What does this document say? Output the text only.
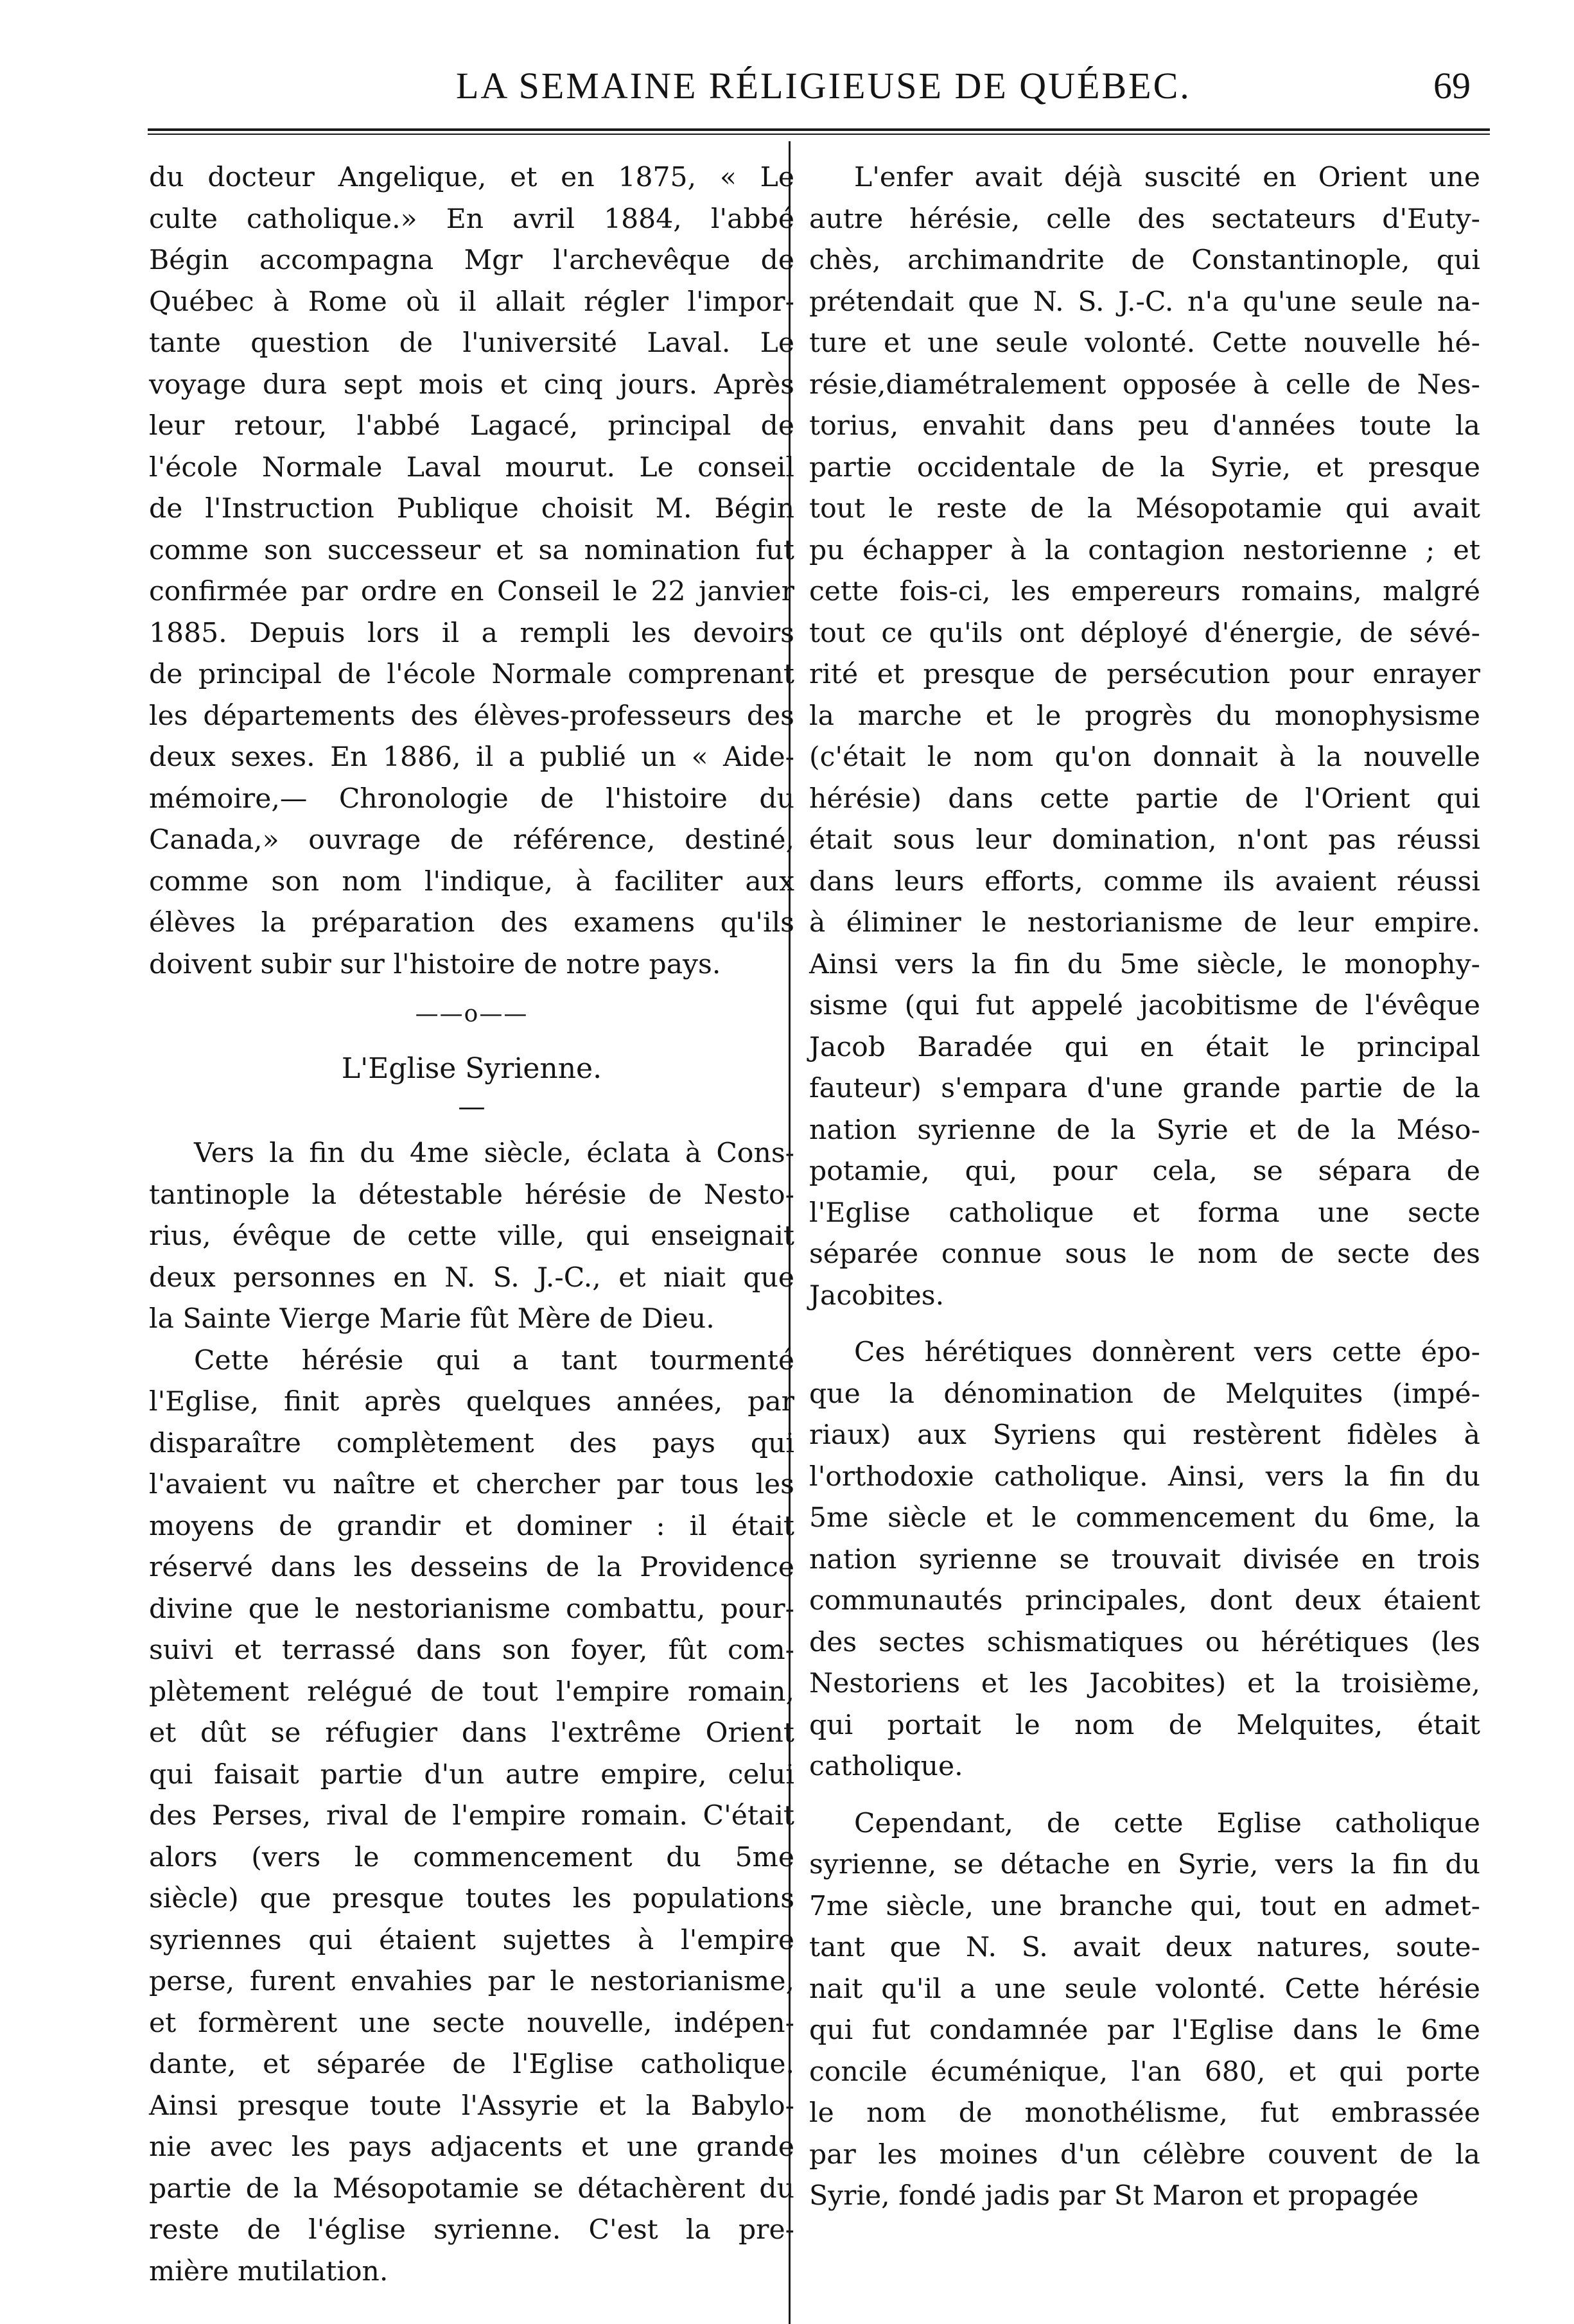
LA SEMAINE RÉLIGIEUSE DE QUÉBEC.	69
du docteur Angelique, et en 1875, « Le
culte catholique.» En avril 1884, l'abbé
Bégin accompagna Mgr l'archevêque de
Québec à Rome où il allait régler l'impor-
tante question de l'université Laval. Le
voyage dura sept mois et cinq jours. Après
leur retour, l'abbé Lagacé, principal de
l'école Normale Laval mourut. Le conseil
de l'Instruction Publique choisit M. Bégin
comme son successeur et sa nomination fut
confirmée par ordre en Conseil le 22 janvier
1885. Depuis lors il a rempli les devoirs
de principal de l'école Normale comprenant
les départements des élèves-professeurs des
deux sexes. En 1886, il a publié un « Aide-
mémoire,— Chronologie de l'histoire du
Canada,» ouvrage de référence, destiné,
comme son nom l'indique, à faciliter aux
élèves la préparation des examens qu'ils
doivent subir sur l'histoire de notre pays.
——o——
L'Eglise Syrienne.
—
Vers la fin du 4me siècle, éclata à Cons-
tantinople la détestable hérésie de Nesto-
rius, évêque de cette ville, qui enseignait
deux personnes en N. S. J.-C., et niait que
la Sainte Vierge Marie fût Mère de Dieu.
Cette hérésie qui a tant tourmenté
l'Eglise, finit après quelques années, par
disparaître complètement des pays qui
l'avaient vu naître et chercher par tous les
moyens de grandir et dominer : il était
réservé dans les desseins de la Providence
divine que le nestorianisme combattu, pour-
suivi et terrassé dans son foyer, fût com-
plètement relégué de tout l'empire romain,
et dût se réfugier dans l'extrême Orient
qui faisait partie d'un autre empire, celui
des Perses, rival de l'empire romain. C'était
alors (vers le commencement du 5me
siècle) que presque toutes les populations
syriennes qui étaient sujettes à l'empire
perse, furent envahies par le nestorianisme,
et formèrent une secte nouvelle, indépen-
dante, et séparée de l'Eglise catholique.
Ainsi presque toute l'Assyrie et la Babylo-
nie avec les pays adjacents et une grande
partie de la Mésopotamie se détachèrent du
reste de l'église syrienne. C'est la pre-
mière mutilation.
L'enfer avait déjà suscité en Orient une
autre hérésie, celle des sectateurs d'Euty-
chès, archimandrite de Constantinople, qui
prétendait que N. S. J.-C. n'a qu'une seule na-
ture et une seule volonté. Cette nouvelle hé-
résie,diamétralement opposée à celle de Nes-
torius, envahit dans peu d'années toute la
partie occidentale de la Syrie, et presque
tout le reste de la Mésopotamie qui avait
pu échapper à la contagion nestorienne ; et
cette fois-ci, les empereurs romains, malgré
tout ce qu'ils ont déployé d'énergie, de sévé-
rité et presque de persécution pour enrayer
la marche et le progrès du monophysisme
(c'était le nom qu'on donnait à la nouvelle
hérésie) dans cette partie de l'Orient qui
était sous leur domination, n'ont pas réussi
dans leurs efforts, comme ils avaient réussi
à éliminer le nestorianisme de leur empire.
Ainsi vers la fin du 5me siècle, le monophy-
sisme (qui fut appelé jacobitisme de l'évêque
Jacob Baradée qui en était le principal
fauteur) s'empara d'une grande partie de la
nation syrienne de la Syrie et de la Méso-
potamie, qui, pour cela, se sépara de
l'Eglise catholique et forma une secte
séparée connue sous le nom de secte des
Jacobites.
Ces hérétiques donnèrent vers cette épo-
que la dénomination de Melquites (impé-
riaux) aux Syriens qui restèrent fidèles à
l'orthodoxie catholique. Ainsi, vers la fin du
5me siècle et le commencement du 6me, la
nation syrienne se trouvait divisée en trois
communautés principales, dont deux étaient
des sectes schismatiques ou hérétiques (les
Nestoriens et les Jacobites) et la troisième,
qui portait le nom de Melquites, était
catholique.
Cependant, de cette Eglise catholique
syrienne, se détache en Syrie, vers la fin du
7me siècle, une branche qui, tout en admet-
tant que N. S. avait deux natures, soute-
nait qu'il a une seule volonté. Cette hérésie
qui fut condamnée par l'Eglise dans le 6me
concile écuménique, l'an 680, et qui porte
le nom de monothélisme, fut embrassée
par les moines d'un célèbre couvent de la
Syrie, fondé jadis par St Maron et propagée
